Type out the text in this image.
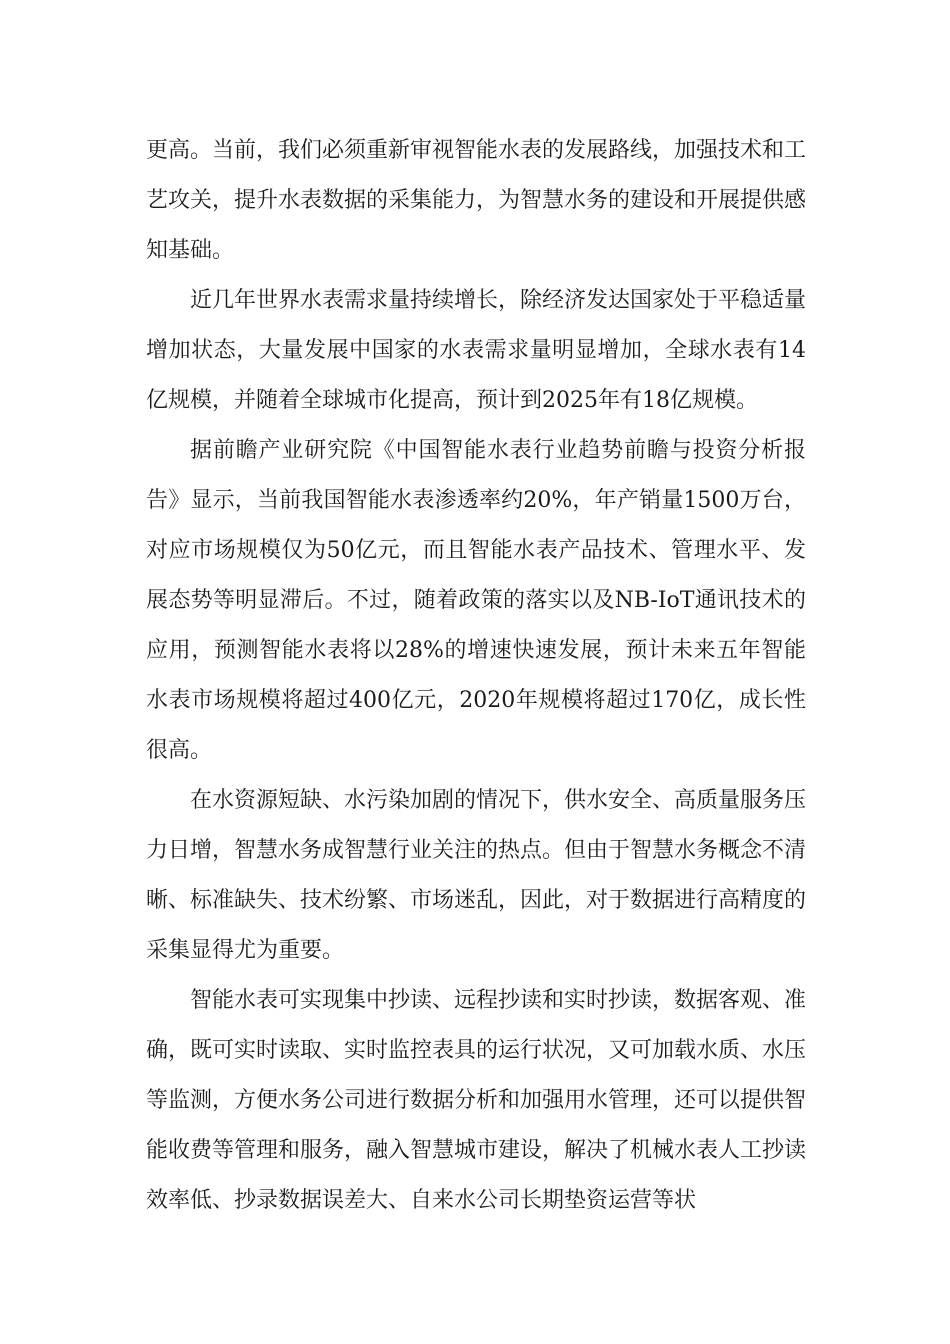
更高。当前，我们必须重新审视智能水表的发展路线，加强技术和工艺攻关，提升水表数据的采集能力，为智慧水务的建设和开展提供感知基础。

近几年世界水表需求量持续增长，除经济发达国家处于平稳适量增加状态，大量发展中国家的水表需求量明显增加，全球水表有14亿规模，并随着全球城市化提高，预计到2025年有18亿规模。

据前瞻产业研究院《中国智能水表行业趋势前瞻与投资分析报告》显示，当前我国智能水表渗透率约20%，年产销量1500万台，对应市场规模仅为50亿元，而且智能水表产品技术、管理水平、发展态势等明显滞后。不过，随着政策的落实以及NB-IoT通讯技术的应用，预测智能水表将以28%的增速快速发展，预计未来五年智能水表市场规模将超过400亿元，2020年规模将超过170亿，成长性很高。

在水资源短缺、水污染加剧的情况下，供水安全、高质量服务压力日增，智慧水务成智慧行业关注的热点。但由于智慧水务概念不清晰、标准缺失、技术纷繁、市场迷乱，因此，对于数据进行高精度的采集显得尤为重要。

智能水表可实现集中抄读、远程抄读和实时抄读，数据客观、准确，既可实时读取、实时监控表具的运行状况，又可加载水质、水压等监测，方便水务公司进行数据分析和加强用水管理，还可以提供智能收费等管理和服务，融入智慧城市建设，解决了机械水表人工抄读效率低、抄录数据误差大、自来水公司长期垫资运营等状
